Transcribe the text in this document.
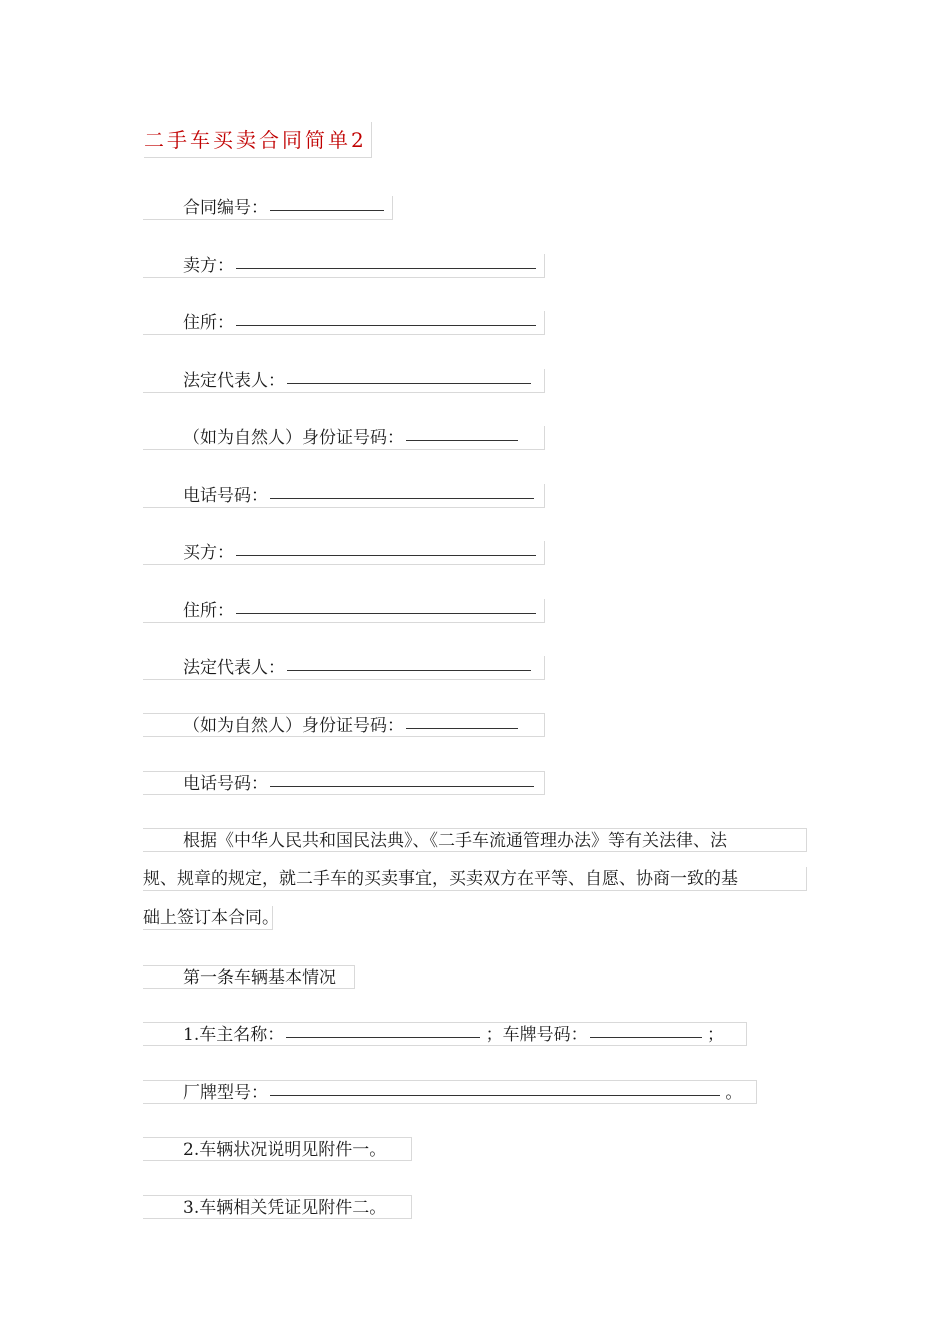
二手车买卖合同简单2
合同编号：
卖方：
住所：
法定代表人：
（如为自然人）身份证号码：
电话号码：
买方：
住所：
法定代表人：
（如为自然人）身份证号码：
电话号码：
根据《中华人民共和国民法典》、《二手车流通管理办法》等有关法律、法
规、规章的规定，就二手车的买卖事宜，买卖双方在平等、自愿、协商一致的基
础上签订本合同。
第一条车辆基本情况
1.车主名称：	；车牌号码：	；
厂牌型号：	。
2.车辆状况说明见附件一。
3.车辆相关凭证见附件二。
